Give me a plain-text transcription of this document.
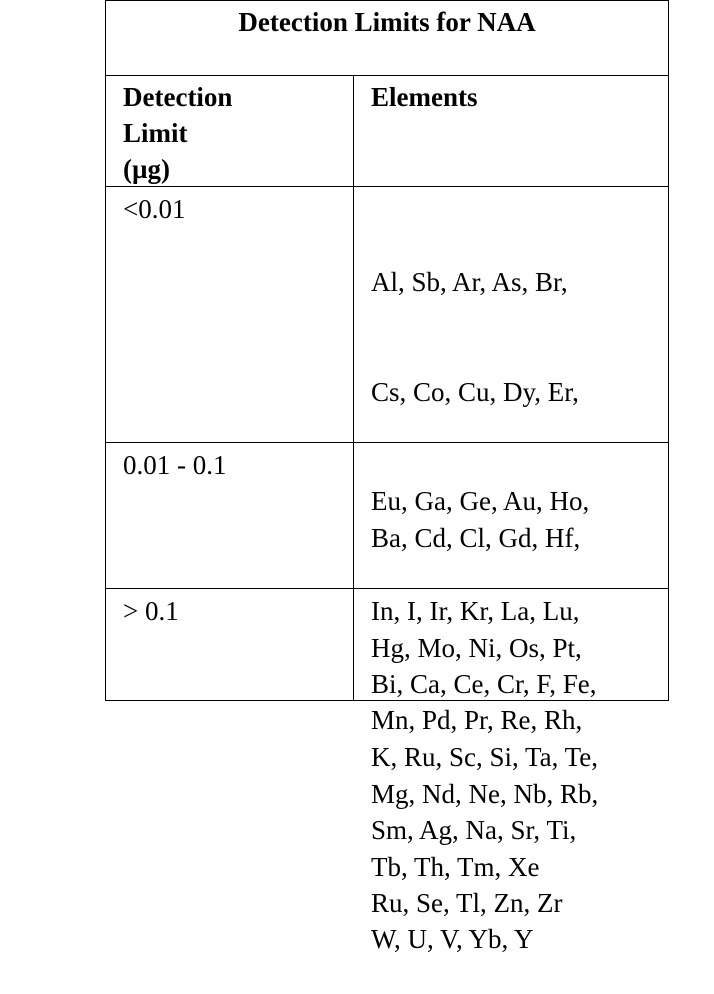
Detection Limits for NAA
Detection
Limit
(µg)
Elements
<0.01

Al, Sb, Ar, As, Br,

Cs, Co, Cu, Dy, Er,

Eu, Ga, Ge, Au, Ho,

In, I, Ir, Kr, La, Lu,

Mn, Pd, Pr, Re, Rh,

Sm, Ag, Na, Sr, Ti,

W, U, V, Yb, Y

0.01 - 0.1

Ba, Cd, Cl, Gd, Hf,

Hg, Mo, Ni, Os, Pt,

K, Ru, Sc, Si, Ta, Te,

Tb, Th, Tm, Xe

> 0.1

Bi, Ca, Ce, Cr, F, Fe,

Mg, Nd, Ne, Nb, Rb,

Ru, Se, Tl, Zn, Zr
